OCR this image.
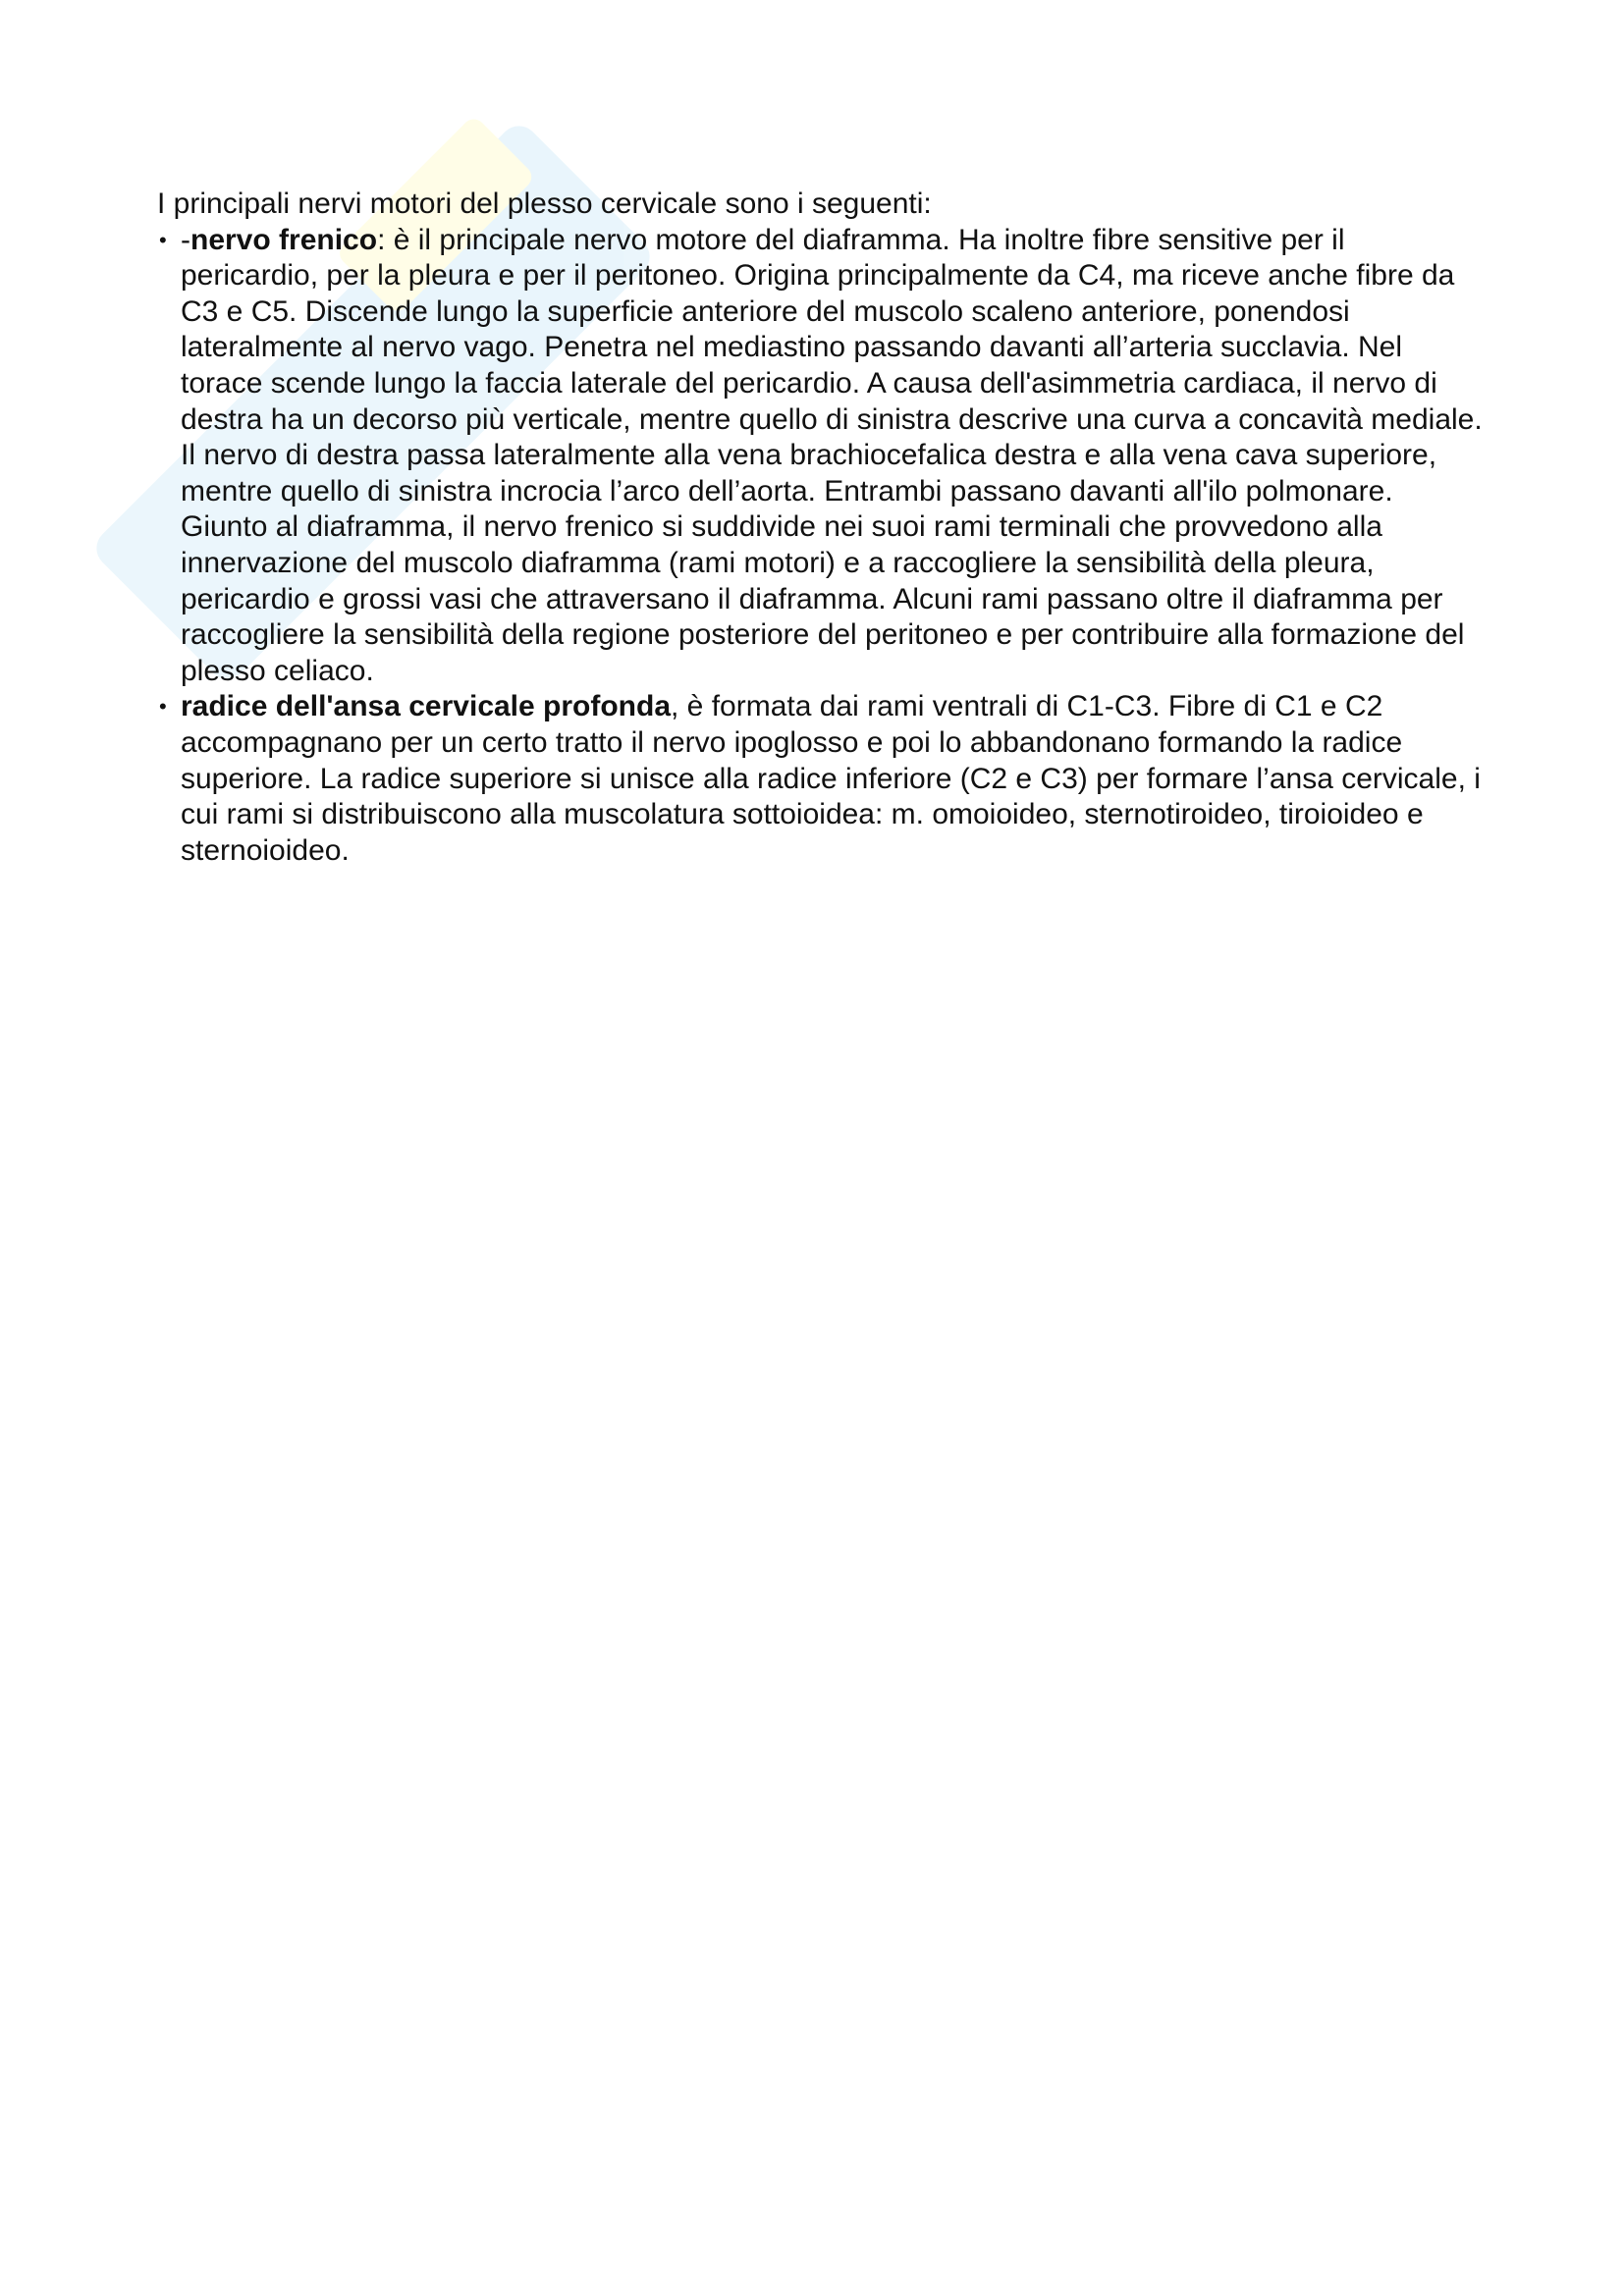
I principali nervi motori del plesso cervicale sono i seguenti:

• -nervo frenico: è il principale nervo motore del diaframma. Ha inoltre fibre sensitive per il pericardio, per la pleura e per il peritoneo. Origina principalmente da C4, ma riceve anche fibre da C3 e C5. Discende lungo la superficie anteriore del muscolo scaleno anteriore, ponendosi lateralmente al nervo vago. Penetra nel mediastino passando davanti all’arteria succlavia. Nel torace scende lungo la faccia laterale del pericardio. A causa dell'asimmetria cardiaca, il nervo di destra ha un decorso più verticale, mentre quello di sinistra descrive una curva a concavità mediale. Il nervo di destra passa lateralmente alla vena brachiocefalica destra e alla vena cava superiore, mentre quello di sinistra incrocia l’arco dell’aorta. Entrambi passano davanti all'ilo polmonare. Giunto al diaframma, il nervo frenico si suddivide nei suoi rami terminali che provvedono alla innervazione del muscolo diaframma (rami motori) e a raccogliere la sensibilità della pleura, pericardio e grossi vasi che attraversano il diaframma. Alcuni rami passano oltre il diaframma per raccogliere la sensibilità della regione posteriore del peritoneo e per contribuire alla formazione del plesso celiaco.
• radice dell'ansa cervicale profonda, è formata dai rami ventrali di C1-C3. Fibre di C1 e C2 accompagnano per un certo tratto il nervo ipoglosso e poi lo abbandonano formando la radice superiore. La radice superiore si unisce alla radice inferiore (C2 e C3) per formare l’ansa cervicale, i cui rami si distribuiscono alla muscolatura sottoioidea: m. omoioideo, sternotiroideo, tiroioideo e sternoioideo.
